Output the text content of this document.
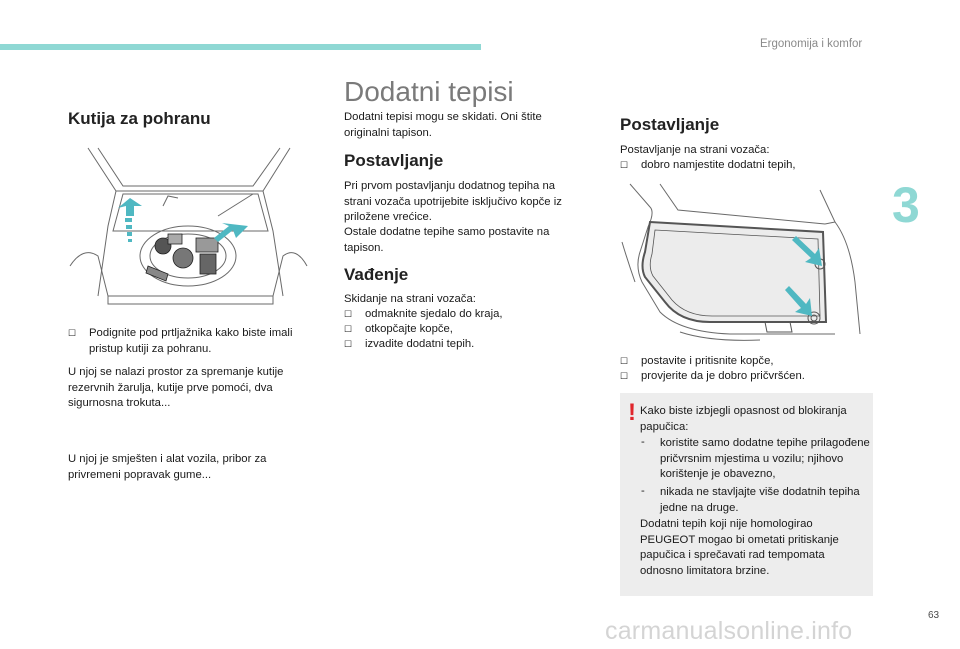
Ergonomija i komfor
3
Kutija za pohranu
☐ Podignite pod prtljažnika kako biste imali pristup kutiji za pohranu.

U njoj se nalazi prostor za spremanje kutije rezervnih žarulja, kutije prve pomoći, dva sigurnosna trokuta...

U njoj je smješten i alat vozila, pribor za privremeni popravak gume...

Dodatni tepisi

Dodatni tepisi mogu se skidati. Oni štite originalni tapison.

Postavljanje

Pri prvom postavljanju dodatnog tepiha na strani vozača upotrijebite isključivo kopče iz priložene vrećice.

Ostale dodatne tepihe samo postavite na tapison.

Vađenje

Skidanje na strani vozača:

☐ odmaknite sjedalo do kraja,
☐ otkopčajte kopče,
☐ izvadite dodatni tepih.
Postavljanje

Postavljanje na strani vozača:

☐ dobro namjestite dodatni tepih,
☐ postavite i pritisnite kopče,
☐ provjerite da je dobro pričvršćen.
! Kako biste izbjegli opasnost od blokiranja papučica:
- koristite samo dodatne tepihe prilagođene pričvrsnim mjestima u vozilu; njihovo korištenje je obavezno,
- nikada ne stavljajte više dodatnih tepiha jedne na druge.
Dodatni tepih koji nije homologirao PEUGEOT mogao bi ometati pritiskanje papučica i sprečavati rad tempomata odnosno limitatora brzine.
63
carmanualsonline.info
